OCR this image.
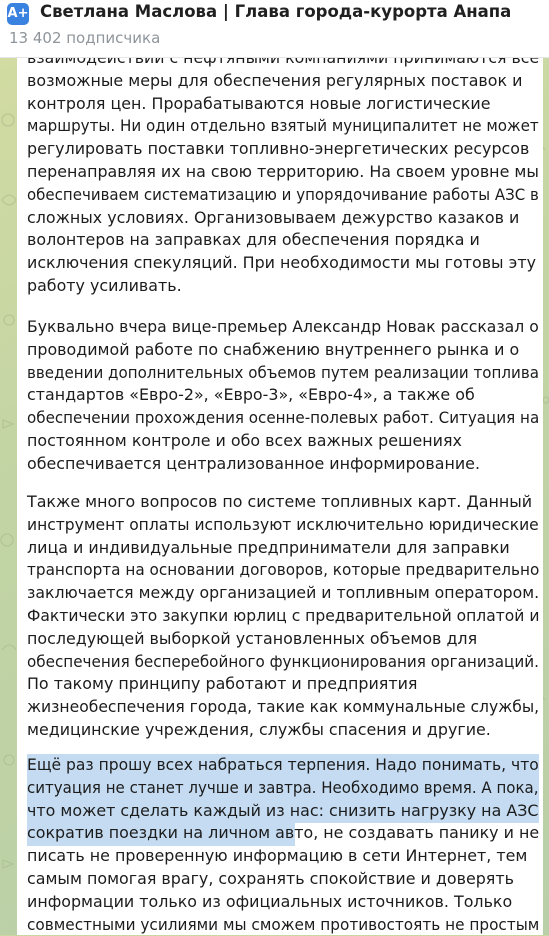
A+ Светлана Маслова | Глава города-курорта Анапа
13 402 подписчика
возможные меры для обеспечения регулярных поставок и
контроля цен. Прорабатываются новые логистические
маршруты. Ни один отдельно взятый муниципалитет не может
регулировать поставки топливно-энергетических ресурсов
перенаправляя их на свою территорию. На своем уровне мы
обеспечиваем систематизацию и упорядочивание работы АЗС в
сложных условиях. Организовываем дежурство казаков и
волонтеров на заправках для обеспечения порядка и
исключения спекуляций. При необходимости мы готовы эту
работу усиливать.
Буквально вчера вице-премьер Александр Новак рассказал о
проводимой работе по снабжению внутреннего рынка и о
введении дополнительных объемов путем реализации топлива
стандартов «Евро-2», «Евро-3», «Евро-4», а также об
обеспечении прохождения осенне-полевых работ. Ситуация на
постоянном контроле и обо всех важных решениях
обеспечивается централизованное информирование.
Также много вопросов по системе топливных карт. Данный
инструмент оплаты используют исключительно юридические
лица и индивидуальные предприниматели для заправки
транспорта на основании договоров, которые предварительно
заключается между организацией и топливным оператором.
Фактически это закупки юрлиц с предварительной оплатой и
последующей выборкой установленных объемов для
обеспечения бесперебойного функционирования организаций.
По такому принципу работают и предприятия
жизнеобеспечения города, такие как коммунальные службы,
медицинские учреждения, службы спасения и другие.
Ещё раз прошу всех набраться терпения. Надо понимать, что
ситуация не станет лучше и завтра. Необходимо время. А пока,
что может сделать каждый из нас: снизить нагрузку на АЗС
сократив поездки на личном авто, не создавать панику и не
писать не проверенную информацию в сети Интернет, тем
самым помогая врагу, сохранять спокойствие и доверять
информации только из официальных источников. Только
совместными усилиями мы сможем противостоять не простым
